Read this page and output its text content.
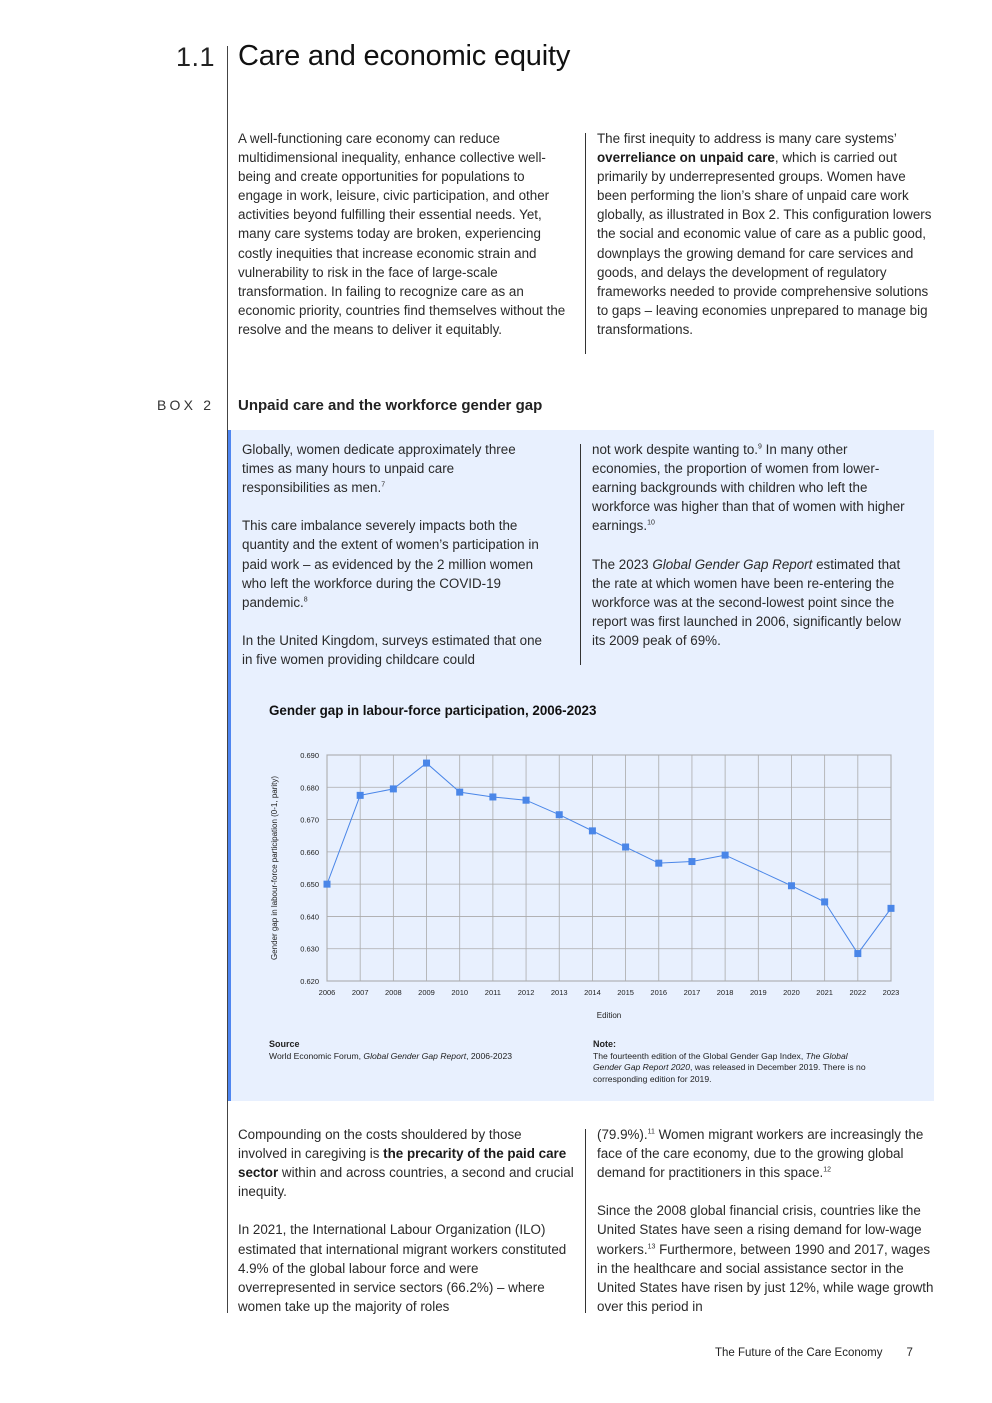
1.1 Care and economic equity

A well-functioning care economy can reduce multidimensional inequality, enhance collective well-being and create opportunities for populations to engage in work, leisure, civic participation, and other activities beyond fulfilling their essential needs. Yet, many care systems today are broken, experiencing costly inequities that increase economic strain and vulnerability to risk in the face of large-scale transformation. In failing to recognize care as an economic priority, countries find themselves without the resolve and the means to deliver it equitably.

The first inequity to address is many care systems’ overreliance on unpaid care, which is carried out primarily by underrepresented groups. Women have been performing the lion’s share of unpaid care work globally, as illustrated in Box 2. This configuration lowers the social and economic value of care as a public good, downplays the growing demand for care services and goods, and delays the development of regulatory frameworks needed to provide comprehensive solutions to gaps – leaving economies unprepared to manage big transformations.

BOX 2 Unpaid care and the workforce gender gap

Globally, women dedicate approximately three times as many hours to unpaid care responsibilities as men.$^7$

This care imbalance severely impacts both the quantity and the extent of women’s participation in paid work – as evidenced by the 2 million women who left the workforce during the COVID-19 pandemic.$^8$

In the United Kingdom, surveys estimated that one in five women providing childcare could

not work despite wanting to.$^9$ In many other economies, the proportion of women from lower-earning backgrounds with children who left the workforce was higher than that of women with higher earnings.$^{10}$

The 2023 Global Gender Gap Report estimated that the rate at which women have been re-entering the workforce was at the second-lowest point since the report was first launched in 2006, significantly below its 2009 peak of 69%.

Gender gap in labour-force participation, 2006-2023
0.690
0.680
0.670
0.660
0.650
0.640
0.630
0.620
2006 2007 2008 2009 2010 2011 2012 2013 2014 2015 2016 2017 2018 2019 2020 2021 2022 2023
Edition
Gender gap in labour-force participation (0-1, parity)
Source
World Economic Forum, Global Gender Gap Report, 2006-2023
Note:
The fourteenth edition of the Global Gender Gap Index, The Global Gender Gap Report 2020, was released in December 2019. There is no corresponding edition for 2019.

Compounding on the costs shouldered by those involved in caregiving is the precarity of the paid care sector within and across countries, a second and crucial inequity.

In 2021, the International Labour Organization (ILO) estimated that international migrant workers constituted 4.9% of the global labour force and were overrepresented in service sectors (66.2%) – where women take up the majority of roles

(79.9%).$^{11}$ Women migrant workers are increasingly the face of the care economy, due to the growing global demand for practitioners in this space.$^{12}$

Since the 2008 global financial crisis, countries like the United States have seen a rising demand for low-wage workers.$^{13}$ Furthermore, between 1990 and 2017, wages in the healthcare and social assistance sector in the United States have risen by just 12%, while wage growth over this period in

The Future of the Care Economy 7
